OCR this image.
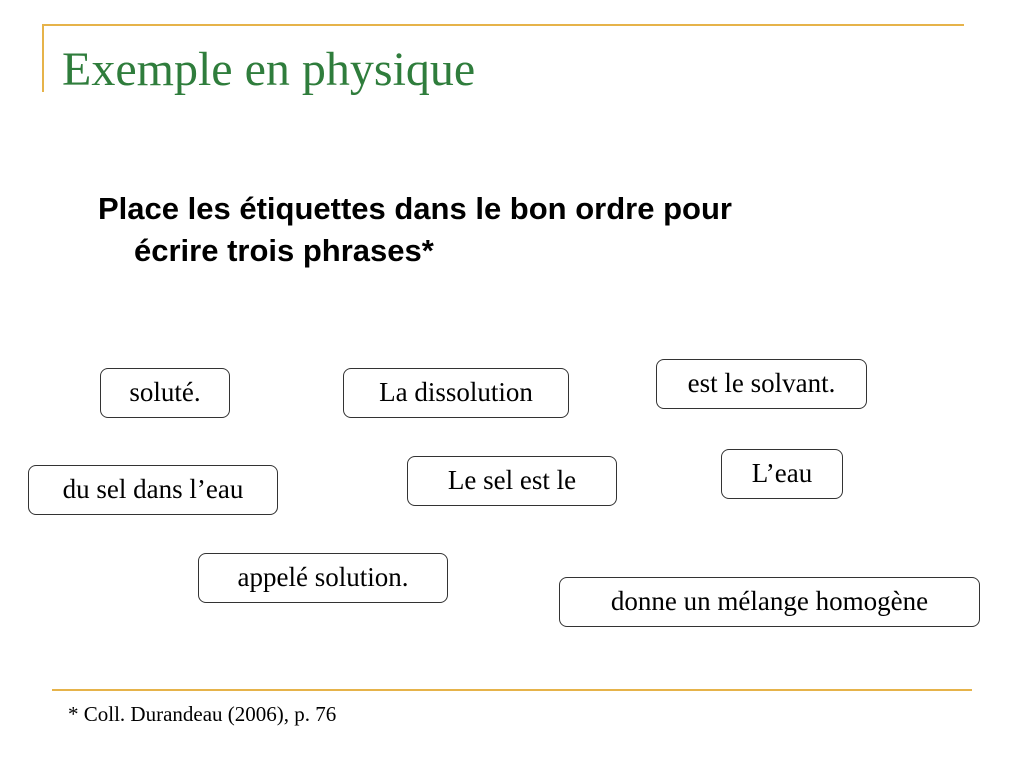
Exemple en physique
Place les étiquettes dans le bon ordre pour
écrire trois phrases*
soluté.	La dissolution	est le solvant.
du sel dans l’eau	Le sel est le	L’eau
appelé solution.
donne un mélange homogène
* Coll. Durandeau (2006), p. 76
